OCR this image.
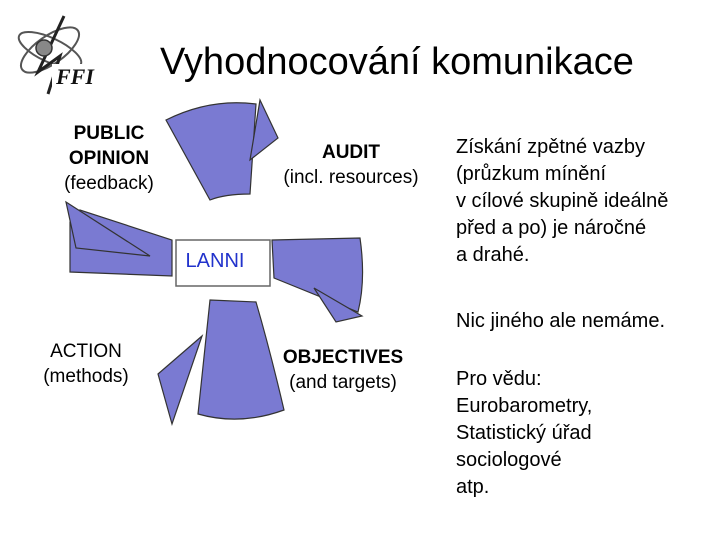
FFI Vyhodnocování komunikace
PUBLIC OPINION
(feedback)
AUDIT
(incl. resources)
LANNI
ACTION
(methods)
OBJECTIVES
(and targets)
Získání zpětné vazby
(průzkum mínění
v cílové skupině ideálně
před a po) je náročné
a drahé.
Nic jiného ale nemáme.
Pro vědu:
Eurobarometry,
Statistický úřad
sociologové
atp.
